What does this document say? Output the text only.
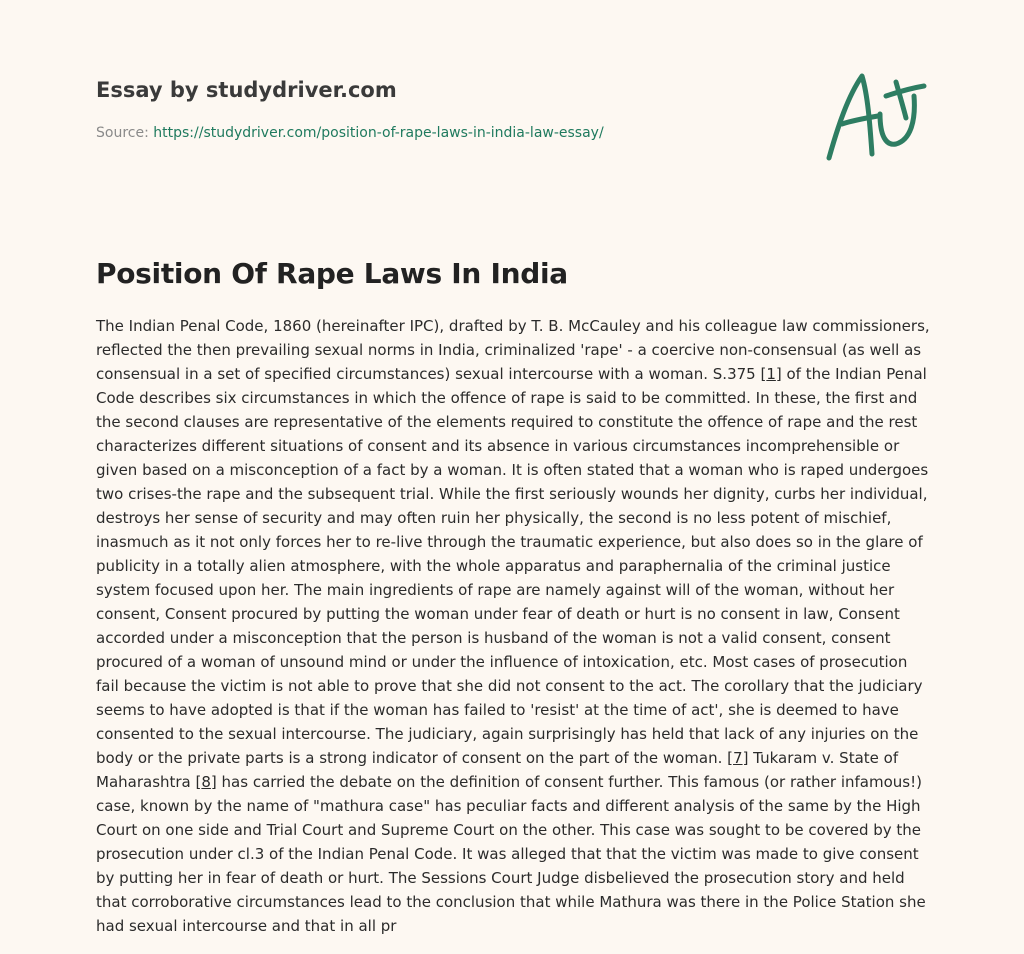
Essay by studydriver.com
Source: https://studydriver.com/position-of-rape-laws-in-india-law-essay/
Position Of Rape Laws In India

The Indian Penal Code, 1860 (hereinafter IPC), drafted by T. B. McCauley and his colleague law commissioners, reflected the then prevailing sexual norms in India, criminalized 'rape' - a coercive non-consensual (as well as consensual in a set of specified circumstances) sexual intercourse with a woman. S.375 [1] of the Indian Penal Code describes six circumstances in which the offence of rape is said to be committed. In these, the first and the second clauses are representative of the elements required to constitute the offence of rape and the rest characterizes different situations of consent and its absence in various circumstances incomprehensible or given based on a misconception of a fact by a woman. It is often stated that a woman who is raped undergoes two crises-the rape and the subsequent trial. While the first seriously wounds her dignity, curbs her individual, destroys her sense of security and may often ruin her physically, the second is no less potent of mischief, inasmuch as it not only forces her to re-live through the traumatic experience, but also does so in the glare of publicity in a totally alien atmosphere, with the whole apparatus and paraphernalia of the criminal justice system focused upon her. The main ingredients of rape are namely against will of the woman, without her consent, Consent procured by putting the woman under fear of death or hurt is no consent in law, Consent accorded under a misconception that the person is husband of the woman is not a valid consent, consent procured of a woman of unsound mind or under the influence of intoxication, etc. Most cases of prosecution fail because the victim is not able to prove that she did not consent to the act. The corollary that the judiciary seems to have adopted is that if the woman has failed to 'resist' at the time of act', she is deemed to have consented to the sexual intercourse. The judiciary, again surprisingly has held that lack of any injuries on the body or the private parts is a strong indicator of consent on the part of the woman. [7] Tukaram v. State of Maharashtra [8] has carried the debate on the definition of consent further. This famous (or rather infamous!) case, known by the name of "mathura case" has peculiar facts and different analysis of the same by the High Court on one side and Trial Court and Supreme Court on the other. This case was sought to be covered by the prosecution under cl.3 of the Indian Penal Code. It was alleged that that the victim was made to give consent by putting her in fear of death or hurt. The Sessions Court Judge disbelieved the prosecution story and held that corroborative circumstances lead to the conclusion that while Mathura was there in the Police Station she had sexual intercourse and that in all pr
